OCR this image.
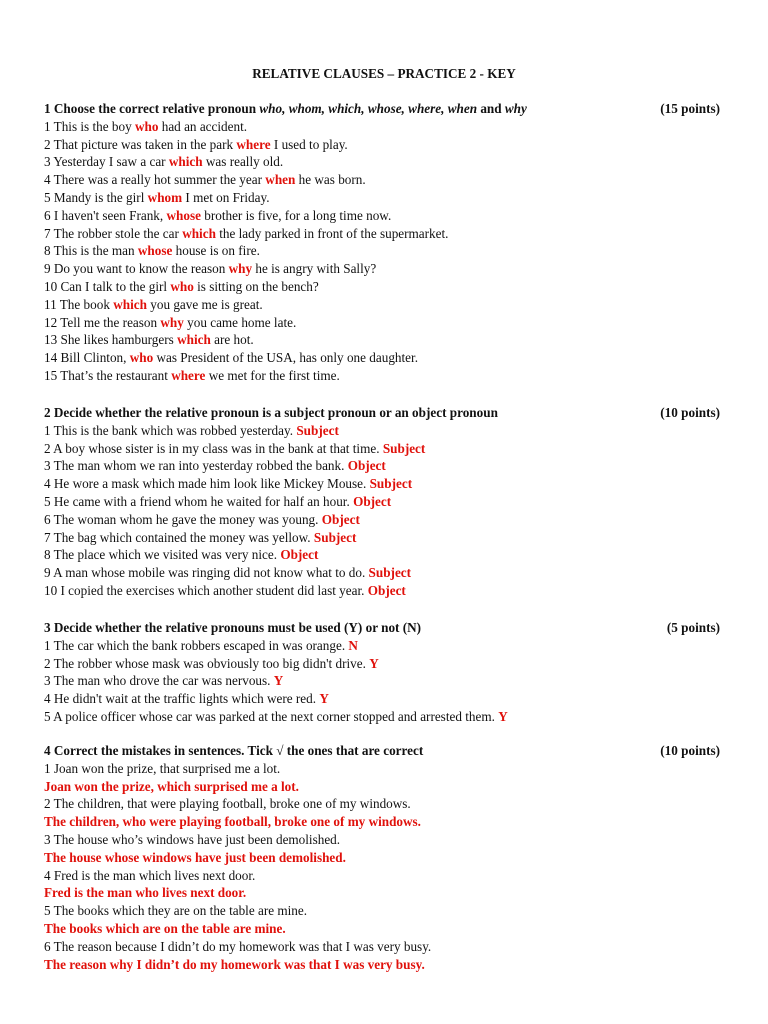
RELATIVE CLAUSES – PRACTICE 2 - KEY
1 Choose the correct relative pronoun who, whom, which, whose, where, when and why	(15 points)
1 This is the boy who had an accident.
2 That picture was taken in the park where I used to play.
3 Yesterday I saw a car which was really old.
4 There was a really hot summer the year when he was born.
5 Mandy is the girl whom I met on Friday.
6 I haven't seen Frank, whose brother is five, for a long time now.
7 The robber stole the car which the lady parked in front of the supermarket.
8 This is the man whose house is on fire.
9 Do you want to know the reason why he is angry with Sally?
10 Can I talk to the girl who is sitting on the bench?
11 The book which you gave me is great.
12 Tell me the reason why you came home late.
13 She likes hamburgers which are hot.
14 Bill Clinton, who was President of the USA, has only one daughter.
15 That’s the restaurant where we met for the first time.
2 Decide whether the relative pronoun is a subject pronoun or an object pronoun	(10 points)
1 This is the bank which was robbed yesterday. Subject
2 A boy whose sister is in my class was in the bank at that time. Subject
3 The man whom we ran into yesterday robbed the bank. Object
4 He wore a mask which made him look like Mickey Mouse. Subject
5 He came with a friend whom he waited for half an hour. Object
6 The woman whom he gave the money was young. Object
7 The bag which contained the money was yellow. Subject
8 The place which we visited was very nice. Object
9 A man whose mobile was ringing did not know what to do. Subject
10 I copied the exercises which another student did last year. Object
3 Decide whether the relative pronouns must be used (Y) or not (N)	(5 points)
1 The car which the bank robbers escaped in was orange. N
2 The robber whose mask was obviously too big didn't drive. Y
3 The man who drove the car was nervous. Y
4 He didn't wait at the traffic lights which were red. Y
5 A police officer whose car was parked at the next corner stopped and arrested them. Y
4 Correct the mistakes in sentences. Tick √ the ones that are correct	(10 points)
1 Joan won the prize, that surprised me a lot.
Joan won the prize, which surprised me a lot.
2 The children, that were playing football, broke one of my windows.
The children, who were playing football, broke one of my windows.
3 The house who’s windows have just been demolished.
The house whose windows have just been demolished.
4 Fred is the man which lives next door.
Fred is the man who lives next door.
5 The books which they are on the table are mine.
The books which are on the table are mine.
6 The reason because I didn’t do my homework was that I was very busy.
The reason why I didn’t do my homework was that I was very busy.
